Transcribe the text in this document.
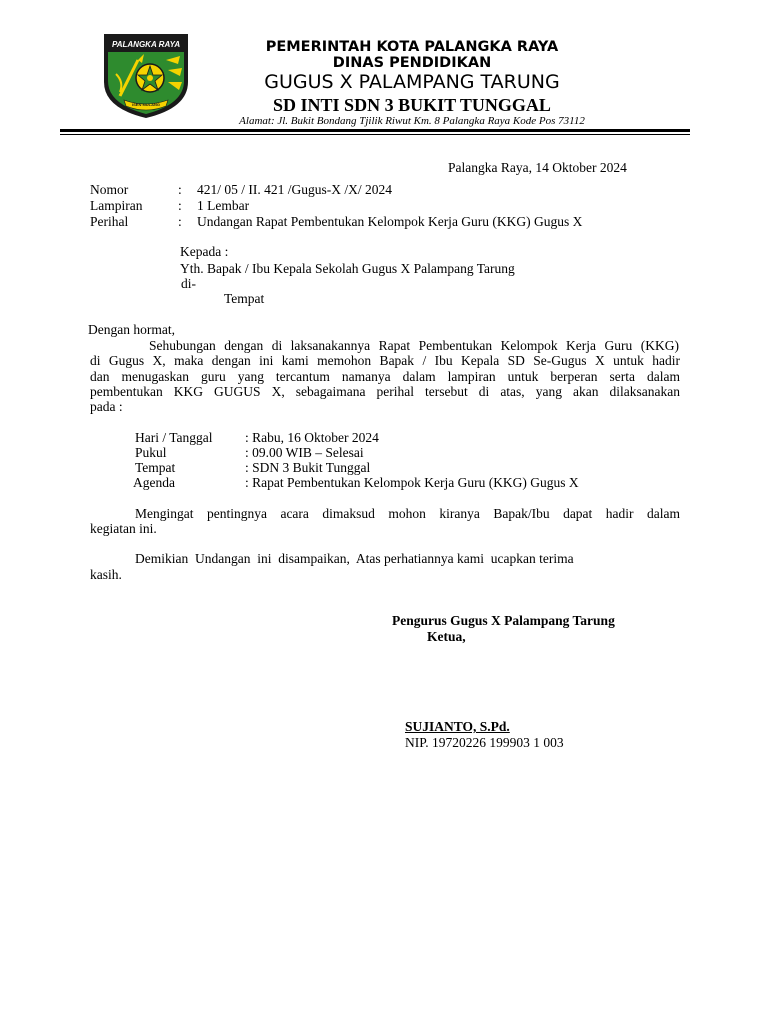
PALANGKA RAYA
ISEN MULANG
PEMERINTAH KOTA PALANGKA RAYA
DINAS PENDIDIKAN
GUGUS X PALAMPANG TARUNG
SD INTI SDN 3 BUKIT TUNGGAL
Alamat: Jl. Bukit Bondang Tjilik Riwut Km. 8 Palangka Raya Kode Pos 73112
Palangka Raya, 14 Oktober 2024
Nomor	: 421/ 05 / II. 421 /Gugus-X /X/ 2024
Lampiran	: 1 Lembar
Perihal	: Undangan Rapat Pembentukan Kelompok Kerja Guru (KKG) Gugus X
Kepada :
Yth. Bapak / Ibu Kepala Sekolah Gugus X Palampang Tarung
di-
Tempat
Dengan hormat,
Sehubungan dengan di laksanakannya Rapat Pembentukan Kelompok Kerja Guru (KKG)
di Gugus X, maka dengan ini kami memohon Bapak / Ibu Kepala SD Se-Gugus X untuk hadir
dan menugaskan guru yang tercantum namanya dalam lampiran untuk berperan serta dalam
pembentukan KKG GUGUS X, sebagaimana perihal tersebut di atas, yang akan dilaksanakan
pada :
Hari / Tanggal : Rabu, 16 Oktober 2024
Pukul	: 09.00 WIB – Selesai
Tempat	: SDN 3 Bukit Tunggal
Agenda	: Rapat Pembentukan Kelompok Kerja Guru (KKG) Gugus X
Mengingat pentingnya acara dimaksud mohon kiranya Bapak/Ibu dapat hadir dalam
kegiatan ini.
Demikian  Undangan  ini  disampaikan,  Atas perhatiannya kami  ucapkan terima
kasih.
Pengurus Gugus X Palampang Tarung
Ketua,
SUJIANTO, S.Pd.
NIP. 19720226 199903 1 003
